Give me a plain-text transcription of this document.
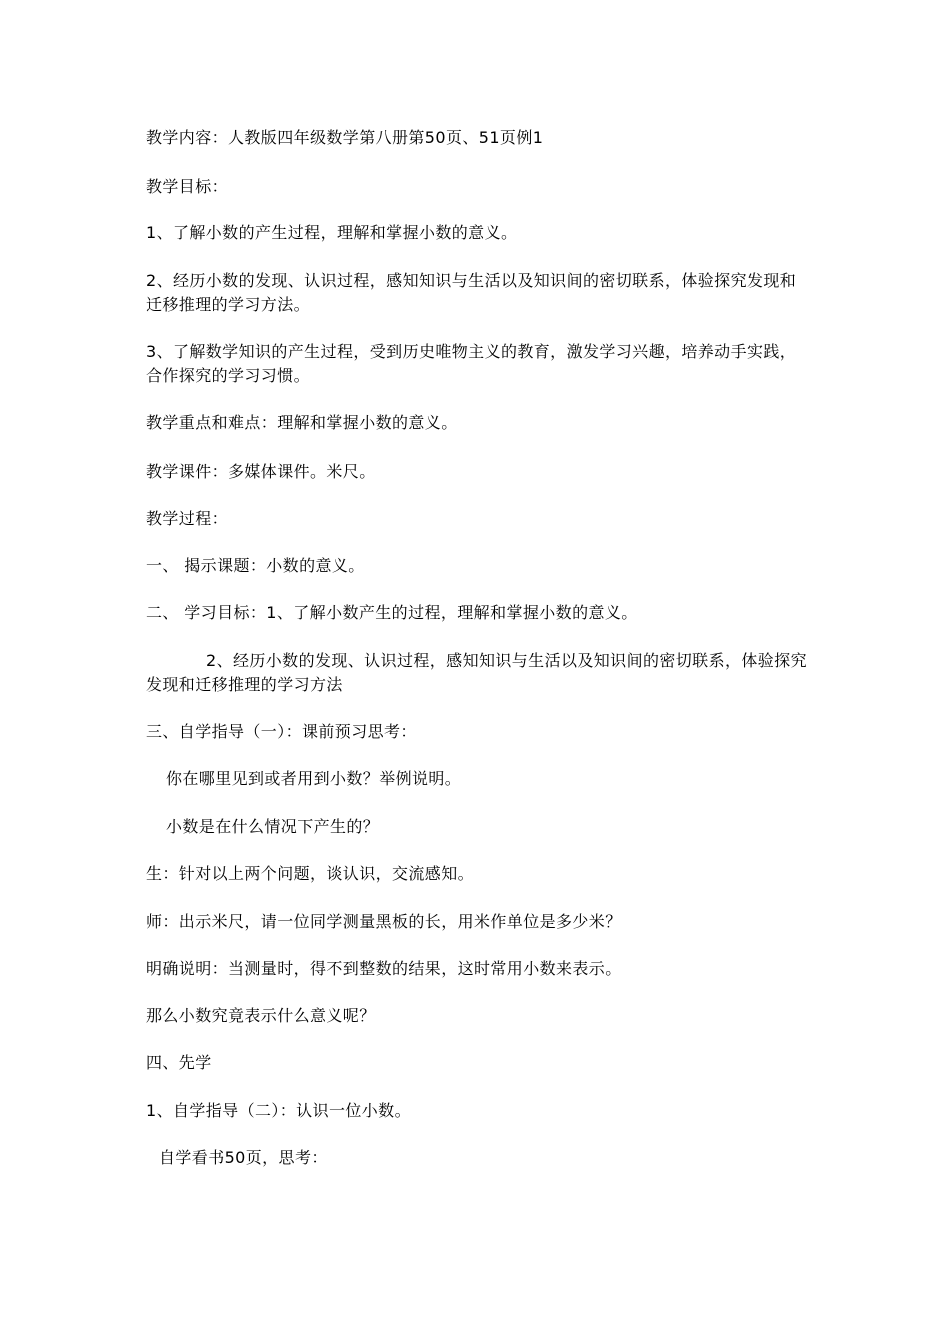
教学内容：人教版四年级数学第八册第50页、51页例1

教学目标：

1、了解小数的产生过程，理解和掌握小数的意义。

2、经历小数的发现、认识过程，感知知识与生活以及知识间的密切联系，体验探究发现和迁移推理的学习方法。

3、了解数学知识的产生过程，受到历史唯物主义的教育，激发学习兴趣，培养动手实践，合作探究的学习习惯。

教学重点和难点：理解和掌握小数的意义。

教学课件：多媒体课件。米尺。

教学过程：

一、 揭示课题：小数的意义。

二、 学习目标：1、了解小数产生的过程，理解和掌握小数的意义。

2、经历小数的发现、认识过程，感知知识与生活以及知识间的密切联系，体验探究发现和迁移推理的学习方法

三、自学指导（一）：课前预习思考：

你在哪里见到或者用到小数？举例说明。

小数是在什么情况下产生的？

生：针对以上两个问题，谈认识，交流感知。

师：出示米尺，请一位同学测量黑板的长，用米作单位是多少米？

明确说明：当测量时，得不到整数的结果，这时常用小数来表示。

那么小数究竟表示什么意义呢？

四、先学

1、自学指导（二）：认识一位小数。

自学看书50页，思考：
